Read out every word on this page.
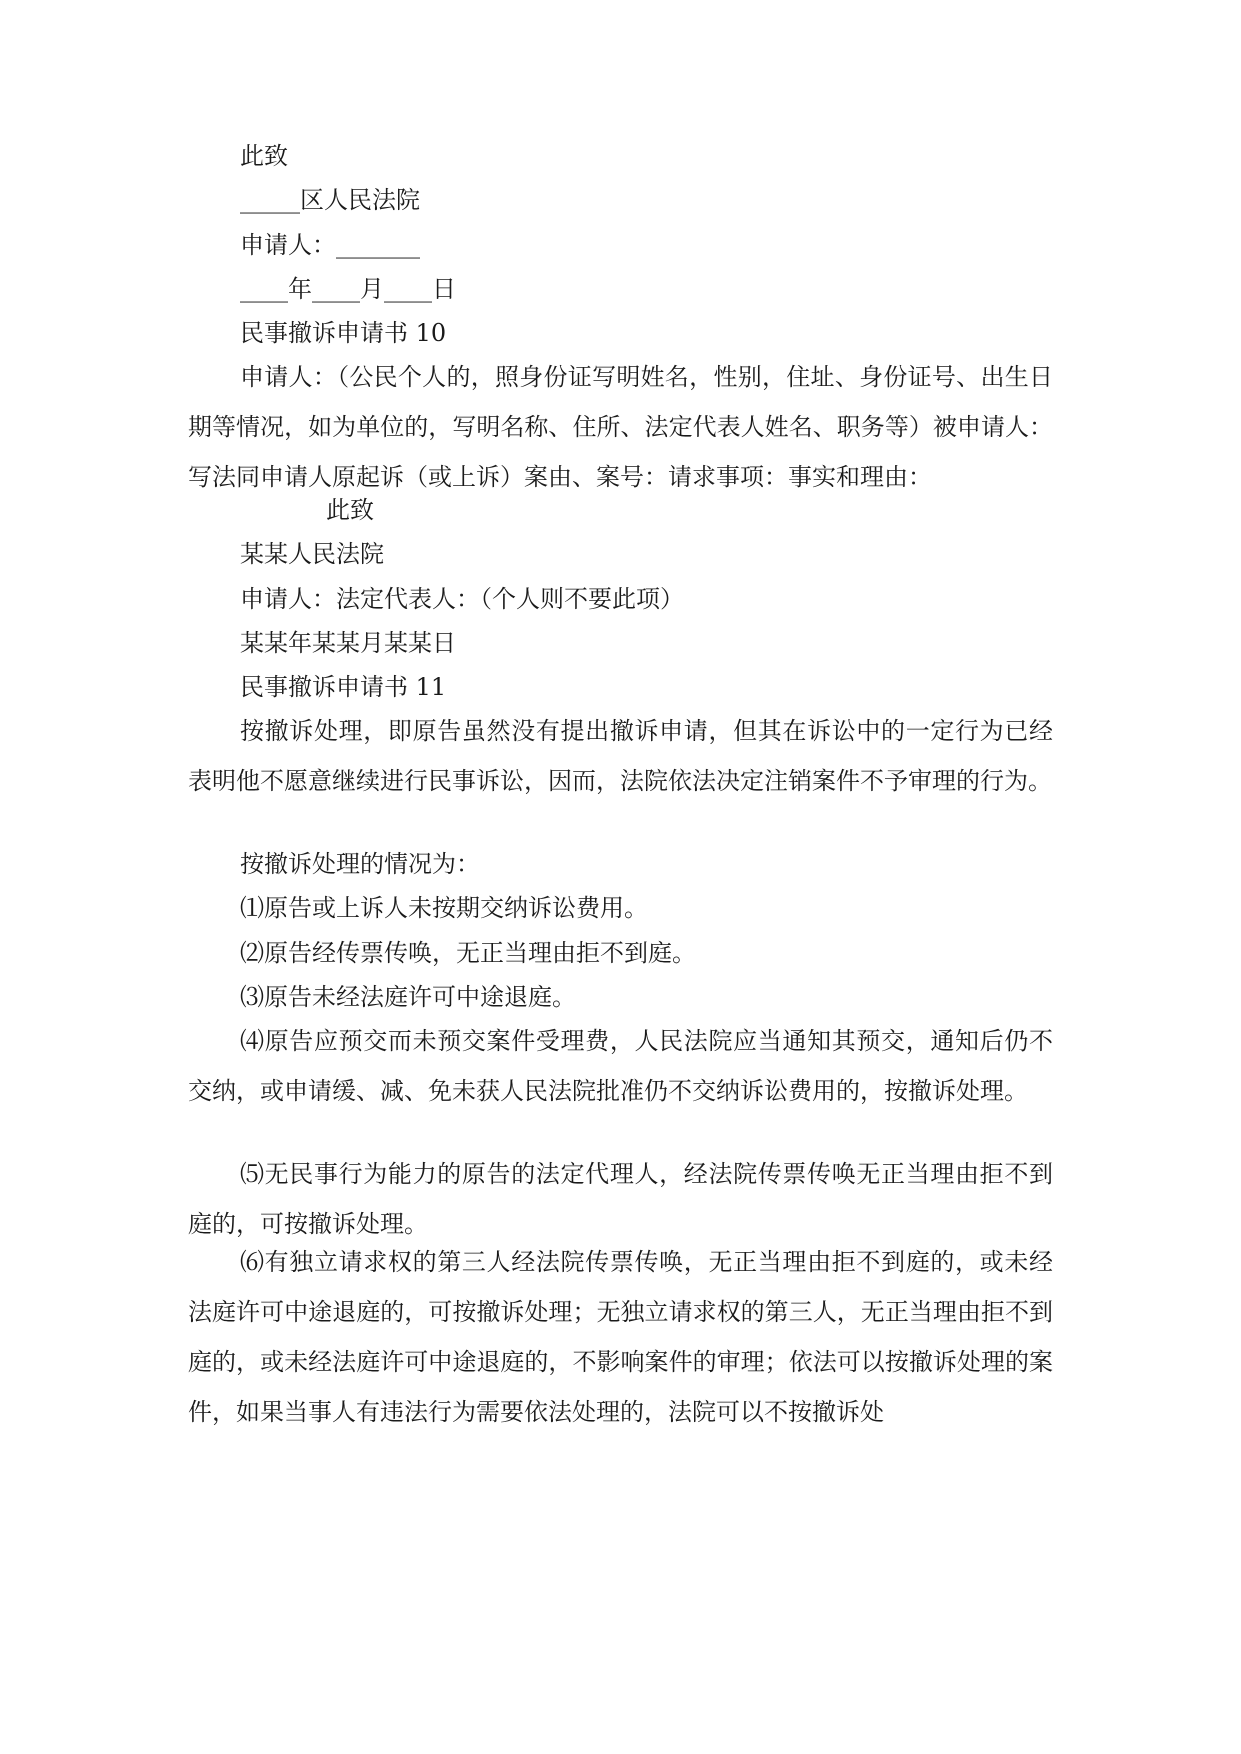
此致

_____区人民法院

申请人：_______

____年____月____日

民事撤诉申请书 10

申请人：（公民个人的，照身份证写明姓名，性别，住址、身份证号、出生日期等情况，如为单位的，写明名称、住所、法定代表人姓名、职务等）被申请人：写法同申请人原起诉（或上诉）案由、案号：请求事项：事实和理由：

此致

某某人民法院

申请人：法定代表人：（个人则不要此项）

某某年某某月某某日

民事撤诉申请书 11

按撤诉处理，即原告虽然没有提出撤诉申请，但其在诉讼中的一定行为已经表明他不愿意继续进行民事诉讼，因而，法院依法决定注销案件不予审理的行为。

按撤诉处理的情况为：

⑴原告或上诉人未按期交纳诉讼费用。

⑵原告经传票传唤，无正当理由拒不到庭。

⑶原告未经法庭许可中途退庭。

⑷原告应预交而未预交案件受理费，人民法院应当通知其预交，通知后仍不交纳，或申请缓、减、免未获人民法院批准仍不交纳诉讼费用的，按撤诉处理。

⑸无民事行为能力的原告的法定代理人，经法院传票传唤无正当理由拒不到庭的，可按撤诉处理。

⑹有独立请求权的第三人经法院传票传唤，无正当理由拒不到庭的，或未经法庭许可中途退庭的，可按撤诉处理；无独立请求权的第三人，无正当理由拒不到庭的，或未经法庭许可中途退庭的，不影响案件的审理；依法可以按撤诉处理的案件，如果当事人有违法行为需要依法处理的，法院可以不按撤诉处
